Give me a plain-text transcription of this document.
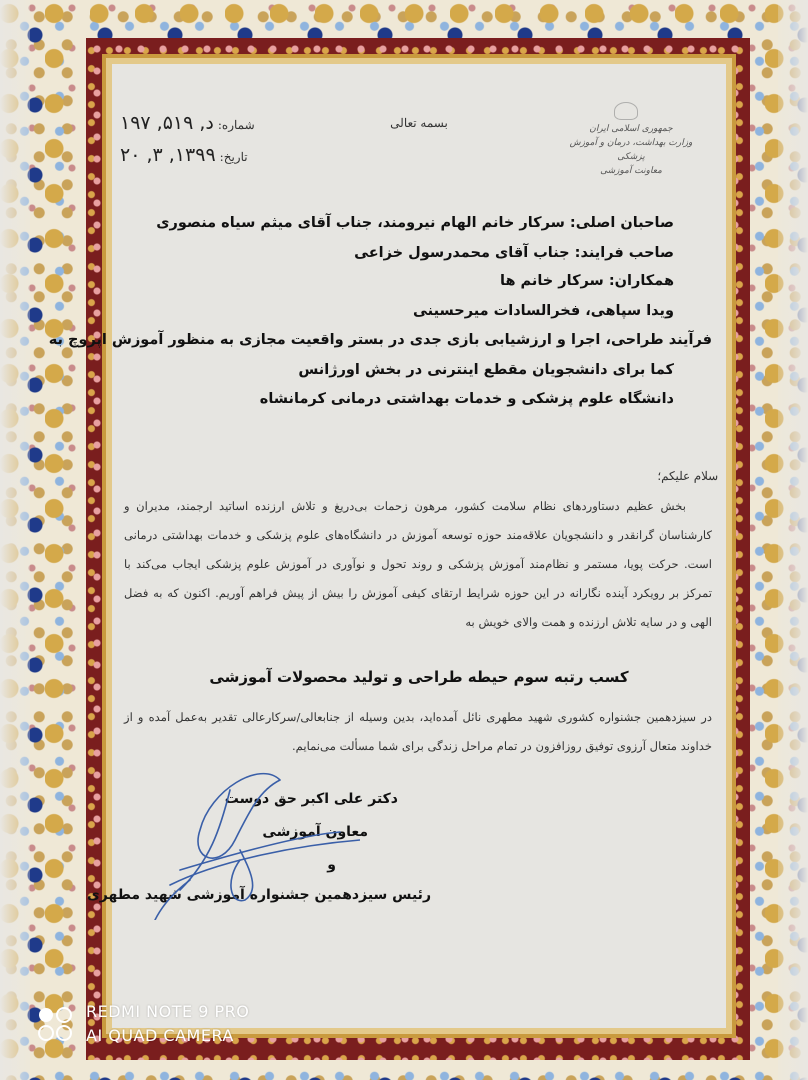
جمهوری اسلامی ایران
وزارت بهداشت، درمان و آموزش پزشکی
معاونت آموزشی
بسمه تعالی
شماره:
د, ۵۱۹, ۱۹۷
تاریخ:
۱۳۹۹, ۳, ۲۰
صاحبان اصلی: سرکار خانم الهام نیرومند، جناب آقای میثم سیاه منصوری
صاحب فرایند: جناب آقای محمدرسول خزاعی
همکاران: سرکار خانم ها
ویدا سپاهی، فخرالسادات میرحسینی
فرآیند طراحی، اجرا و ارزشیابی بازی جدی در بستر واقعیت مجازی به منظور آموزش اپروچ به
کما برای دانشجویان مقطع اینترنی در بخش اورژانس
دانشگاه علوم پزشکی و خدمات بهداشتی درمانی کرمانشاه
سلام علیکم؛
بخش عظیم دستاوردهای نظام سلامت کشور، مرهون زحمات بی‌دریغ و تلاش ارزنده اساتید ارجمند، مدیران و کارشناسان گرانقدر و دانشجویان علاقه‌مند حوزه توسعه آموزش در دانشگاه‌های علوم پزشکی و خدمات بهداشتی درمانی است. حرکت پویا، مستمر و نظام‌مند آموزش پزشکی و روند تحول و نوآوری در آموزش علوم پزشکی ایجاب می‌کند با تمرکز بر رویکرد آینده نگارانه در این حوزه شرایط ارتقای کیفی آموزش را بیش از پیش فراهم آوریم. اکنون که به فضل الهی و در سایه تلاش ارزنده و همت والای خویش به
کسب رتبه سوم حیطه طراحی و تولید محصولات آموزشی
در سیزدهمین جشنواره کشوری شهید مطهری نائل آمده‌اید، بدین وسیله از جنابعالی/سرکارعالی تقدیر به‌عمل آمده و از خداوند متعال آرزوی توفیق روزافزون در تمام مراحل زندگی برای شما مسألت می‌نمایم.
دکتر علی اکبر حق دوست
معاون آموزشی
و
رئیس سیزدهمین جشنواره آموزشی شهید مطهری
REDMI NOTE 9 PRO
AI QUAD CAMERA
